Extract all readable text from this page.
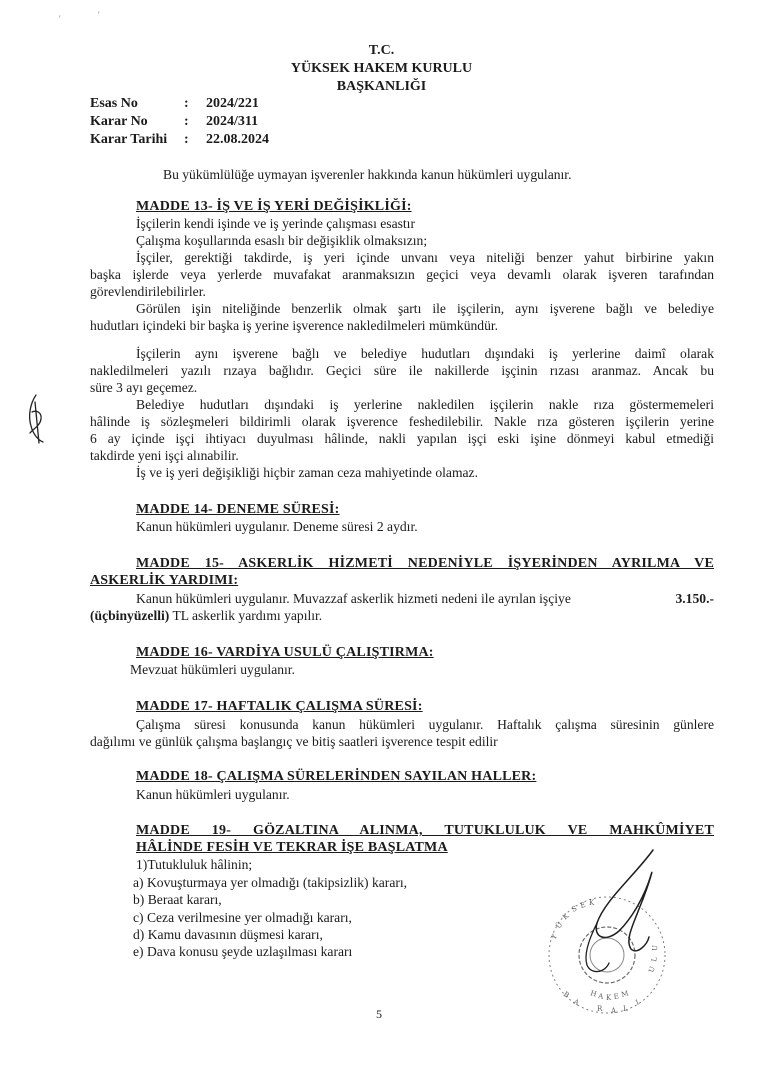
'	'
T.C.
YÜKSEK HAKEM KURULU
BAŞKANLIĞI
Esas No	: 2024/221
Karar No	: 2024/311
Karar Tarihi : 22.08.2024
Bu yükümlülüğe uymayan işverenler hakkında kanun hükümleri uygulanır.
MADDE 13- İŞ VE İŞ YERİ DEĞİŞİKLİĞİ:
İşçilerin kendi işinde ve iş yerinde çalışması esastır
Çalışma koşullarında esaslı bir değişiklik olmaksızın;
İşçiler, gerektiği takdirde, iş yeri içinde unvanı veya niteliği benzer yahut birbirine yakın
başka işlerde veya yerlerde muvafakat aranmaksızın geçici veya devamlı olarak işveren tarafından
görevlendirilebilirler.
Görülen işin niteliğinde benzerlik olmak şartı ile işçilerin, aynı işverene bağlı ve belediye
hudutları içindeki bir başka iş yerine işverence nakledilmeleri mümkündür.
İşçilerin aynı işverene bağlı ve belediye hudutları dışındaki iş yerlerine daimî olarak
nakledilmeleri yazılı rızaya bağlıdır. Geçici süre ile nakillerde işçinin rızası aranmaz. Ancak bu
süre 3 ayı geçemez.
Belediye hudutları dışındaki iş yerlerine nakledilen işçilerin nakle rıza göstermemeleri
hâlinde iş sözleşmeleri bildirimli olarak işverence feshedilebilir. Nakle rıza gösteren işçilerin yerine
6 ay içinde işçi ihtiyacı duyulması hâlinde, nakli yapılan işçi eski işine dönmeyi kabul etmediği
takdirde yeni işçi alınabilir.
İş ve iş yeri değişikliği hiçbir zaman ceza mahiyetinde olamaz.
MADDE 14- DENEME SÜRESİ:
Kanun hükümleri uygulanır. Deneme süresi 2 aydır.
MADDE 15- ASKERLİK HİZMETİ NEDENİYLE İŞYERİNDEN AYRILMA VE
ASKERLİK YARDIMI:
Kanun hükümleri uygulanır. Muvazzaf askerlik hizmeti nedeni ile ayrılan işçiye	3.150.-
(üçbinyüzelli) TL askerlik yardımı yapılır.
MADDE 16- VARDİYA USULÜ ÇALIŞTIRMA:
Mevzuat hükümleri uygulanır.
MADDE 17- HAFTALIK ÇALIŞMA SÜRESİ:
Çalışma süresi konusunda kanun hükümleri uygulanır. Haftalık çalışma süresinin günlere
dağılımı ve günlük çalışma başlangıç ve bitiş saatleri işverence tespit edilir
MADDE 18- ÇALIŞMA SÜRELERİNDEN SAYILAN HALLER:
Kanun hükümleri uygulanır.
MADDE 19- GÖZALTINA ALINMA, TUTUKLULUK VE MAHKÛMİYET
HÂLİNDE FESİH VE TEKRAR İŞE BAŞLATMA
1)Tutukluluk hâlinin;
a) Kovuşturmaya yer olmadığı (takipsizlik) kararı,
b) Beraat kararı,
c) Ceza verilmesine yer olmadığı kararı,
d) Kamu davasının düşmesi kararı,
e) Dava konusu şeyde uzlaşılması kararı
Y
Ü
K
S E K
H A K E M
B
A
R A L
I
U
L
U
5
